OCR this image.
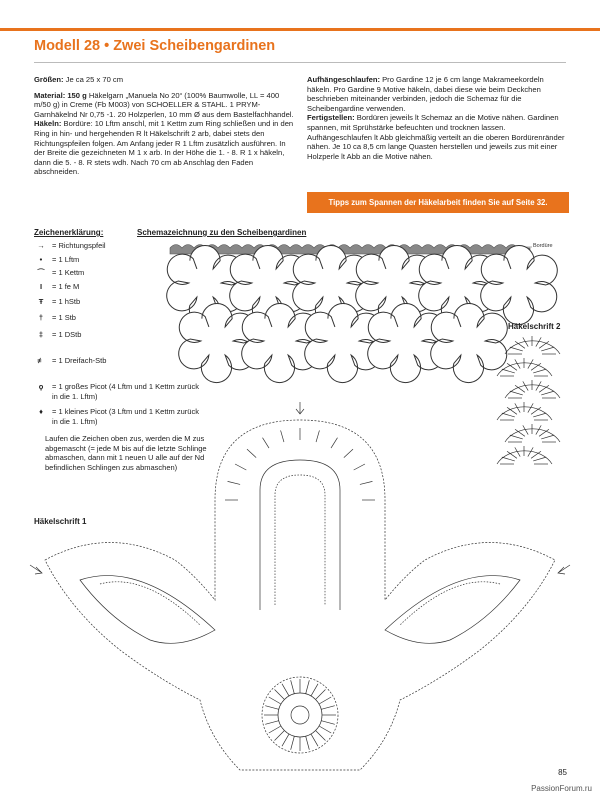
Modell 28 • Zwei Scheibengardinen

Größen: Je ca 25 x 70 cm

Material: 150 g Häkelgarn „Manuela No 20“ (100% Baumwolle, LL = 400 m/50 g) in Creme (Fb M003) von SCHOELLER & STAHL. 1 PRYM-Garnhäkelnd Nr 0,75 -1. 20 Holzperlen, 10 mm Ø aus dem Bastelfachhandel.

Häkeln: Bordüre: 10 Lftm anschl, mit 1 Kettm zum Ring schließen und in den Ring in hin- und hergehenden R lt Häkelschrift 2 arb, dabei stets den Richtungspfeilen folgen. Am Anfang jeder R 1 Lftm zusätzlich ausführen. In der Breite die gezeichneten M 1 x arb. In der Höhe die 1. - 8. R 1 x häkeln, dann die 5. - 8. R stets wdh. Nach 70 cm ab Anschlag den Faden abschneiden.

Aufhängeschlaufen: Pro Gardine 12 je 6 cm lange Makrameekordeln häkeln. Pro Gardine 9 Motive häkeln, dabei diese wie beim Deckchen beschrieben miteinander verbinden, jedoch die Schemaz für die Scheibengardine verwenden.

Fertigstellen: Bordüren jeweils lt Schemaz an die Motive nähen. Gardinen spannen, mit Sprühstärke befeuchten und trocknen lassen. Aufhängeschlaufen lt Abb gleichmäßig verteilt an die oberen Bordürenränder nähen. Je 10 ca 8,5 cm lange Quasten herstellen und jeweils zus mit einer Holzperle lt Abb an die Motive nähen.

Tipps zum Spannen der Häkelarbeit finden Sie auf Seite 32.
Zeichenerklärung:
→ = Richtungspfeil
•	= 1 Lftm
⌒ = 1 Kettm
I	= 1 fe M
Ŧ	= 1 hStb
†	= 1 Stb
‡	= 1 DStb
≢ = 1 Dreifach-Stb
ϙ	= 1 großes Picot (4 Lftm und 1 Kettm zurück in die 1. Lftm)
♦	= 1 kleines Picot (3 Lftm und 1 Kettm zurück in die 1. Lftm)
Laufen die Zeichen oben zus, werden die M zus abgemascht (= jede M bis auf die letzte Schlinge abmaschen, dann mit 1 neuen U alle auf der Nd befindlichen Schlingen zus abmaschen)
Schemazeichnung zu den Scheibengardinen
Bordüre
Häkelschrift 2
Häkelschrift 1
85
PassionForum.ru
